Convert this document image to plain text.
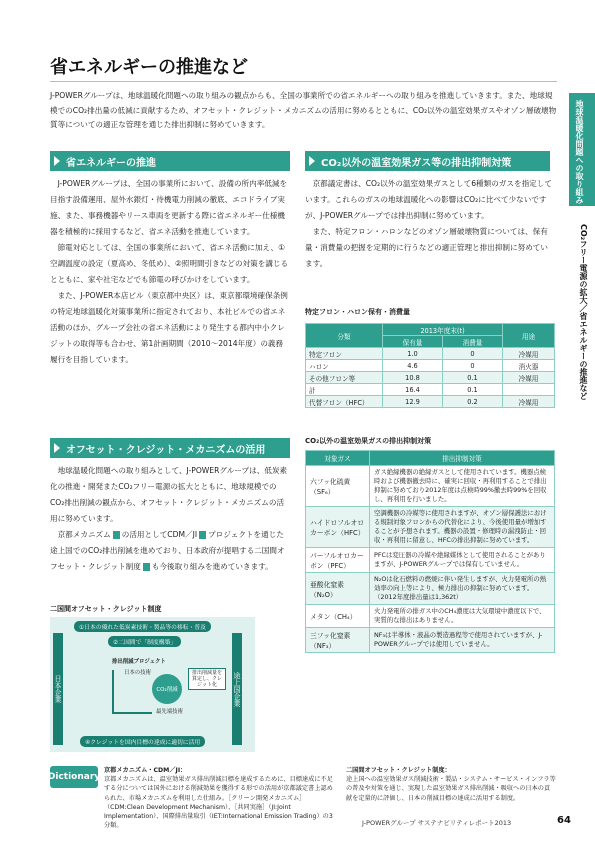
省エネルギーの推進など
J-POWERグループは、地球温暖化問題への取り組みの観点からも、全国の事業所での省エネルギーへの取り組みを推進していきます。また、地球規模でのCO₂排出量の低減に貢献するため、オフセット・クレジット・メカニズムの活用に努めるとともに、CO₂以外の温室効果ガスやオゾン層破壊物質等についての適正な管理を通じた排出抑制に努めていきます。	地球温暖化問題への取り組み
CO₂フリー電源の拡大／省エネルギーの推進など
省エネルギーの推進

J-POWERグループは、全国の事業所において、設備の所内率低減を目指す設備運用、屋外水銀灯・待機電力削減の徹底、エコドライブ実施、また、事務機器やリース車両を更新する際に省エネルギー仕様機器を積極的に採用するなど、省エネ活動を推進しています。

節電対応としては、全国の事業所において、省エネ活動に加え、①空調温度の設定（夏高め、冬低め）、②照明間引きなどの対策を講じるとともに、家や社宅などでも節電の呼びかけをしています。

また、J-POWER本店ビル（東京都中央区）は、東京都環境確保条例の特定地球温暖化対策事業所に指定されており、本社ビルでの省エネ活動のほか、グループ会社の省エネ活動により発生する都内中小クレジットの取得等も合わせ、第1計画期間（2010～2014年度）の義務履行を目指しています。

オフセット・クレジット・メカニズムの活用

地球温暖化問題への取り組みとして、J-POWERグループは、低炭素化の推進・開発またCO₂フリー電源の拡大とともに、地球規模でのCO₂排出削減の観点から、オフセット・クレジット・メカニズムの活用に努めています。

京都メカニズム の活用としてCDM／JI プロジェクトを通じた途上国でのCO₂排出削減を進めており、日本政府が提唱する二国間オフセット・クレジット制度 も今後取り組みを進めていきます。

二国間オフセット・クレジット制度
日本企業	途上国企業
①日本の優れた低炭素技術・製品等の移転・普及
②二国間で「制度構築」
排出削減プロジェクト
日本の技術
CO₂削減
排出削減量を算定し、クレジット化
最先端技術
④クレジットを国内目標の達成に適切に活用
CO₂以外の温室効果ガス等の排出抑制対策

京都議定書は、CO₂以外の温室効果ガスとして6種類のガスを指定しています。これらのガスの地球温暖化への影響はCO₂に比べて少ないですが、J-POWERグループでは排出抑制に努めています。

また、特定フロン・ハロンなどのオゾン層破壊物質については、保有量・消費量の把握を定期的に行うなどの適正管理と排出抑制に努めています。

特定フロン・ハロン保有・消費量
分類	2013年度末(t)		用途
	保有量	消費量	
特定フロン	1.0	0	冷媒用
ハロン	4.6	0	消火器
その他フロン等	10.8	0.1	冷媒用
計	16.4	0.1	
代替フロン（HFC）	12.9	0.2	冷媒用
CO₂以外の温室効果ガスの排出抑制対策
対象ガス	排出抑制対策
六フッ化硫黄（SF₆）	ガス絶縁機器の絶縁ガスとして使用されています。機器点検時および機器撤去時に、確実に回収・再利用することで排出抑制に努めており2012年度は点検時99%撤去時99%を回収し、再利用を行いました。
ハイドロフルオロカーボン（HFC）	空調機器の冷媒等に使用されますが、オゾン層保護法における規制対象フロンからの代替化により、今後使用量が増加することが予想されます。機器の設置・修理時の漏洩防止・回収・再利用に留意し、HFCの排出抑制に努めています。
パーフルオロカーボン（PFC）	PFCは変圧器の冷媒や絶縁媒体として使用されることがありますが、J-POWERグループでは保有していません。
亜酸化窒素（N₂O）	N₂Oは化石燃料の燃焼に伴い発生しますが、火力発電所の熱効率の向上等により、極力排出の抑制に努めています。（2012年度排出量は1,362t）
メタン（CH₄）	火力発電所の排ガス中のCH₄濃度は大気環境中濃度以下で、実質的な排出はありません。
三フッ化窒素（NF₃）	NF₃は半導体・液晶の製造過程等で使用されていますが、J-POWERグループでは使用していません。
Dictionary
京都メカニズム・CDM／JI：
京都メカニズムは、温室効果ガス排出削減目標を達成するために、目標達成に不足する分については国外における削減効果を獲得する形での活用が京都議定書上認められた、市場メカニズムを利用した仕組み。［クリーン開発メカニズム］（CDM:Clean Development Mechanism）、［共同実施］（JI:Joint Implementation）、国際排出量取引（IET:International Emission Trading）の3分類。
二国間オフセット・クレジット制度：
途上国への温室効果ガス削減技術・製品・システム・サービス・インフラ等の普及や対策を通じ、実現した温室効果ガス排出削減・吸収への日本の貢献を定量的に評価し、日本の削減目標の達成に活用する制度。
J-POWERグループ サステナビリティレポート2013	64
